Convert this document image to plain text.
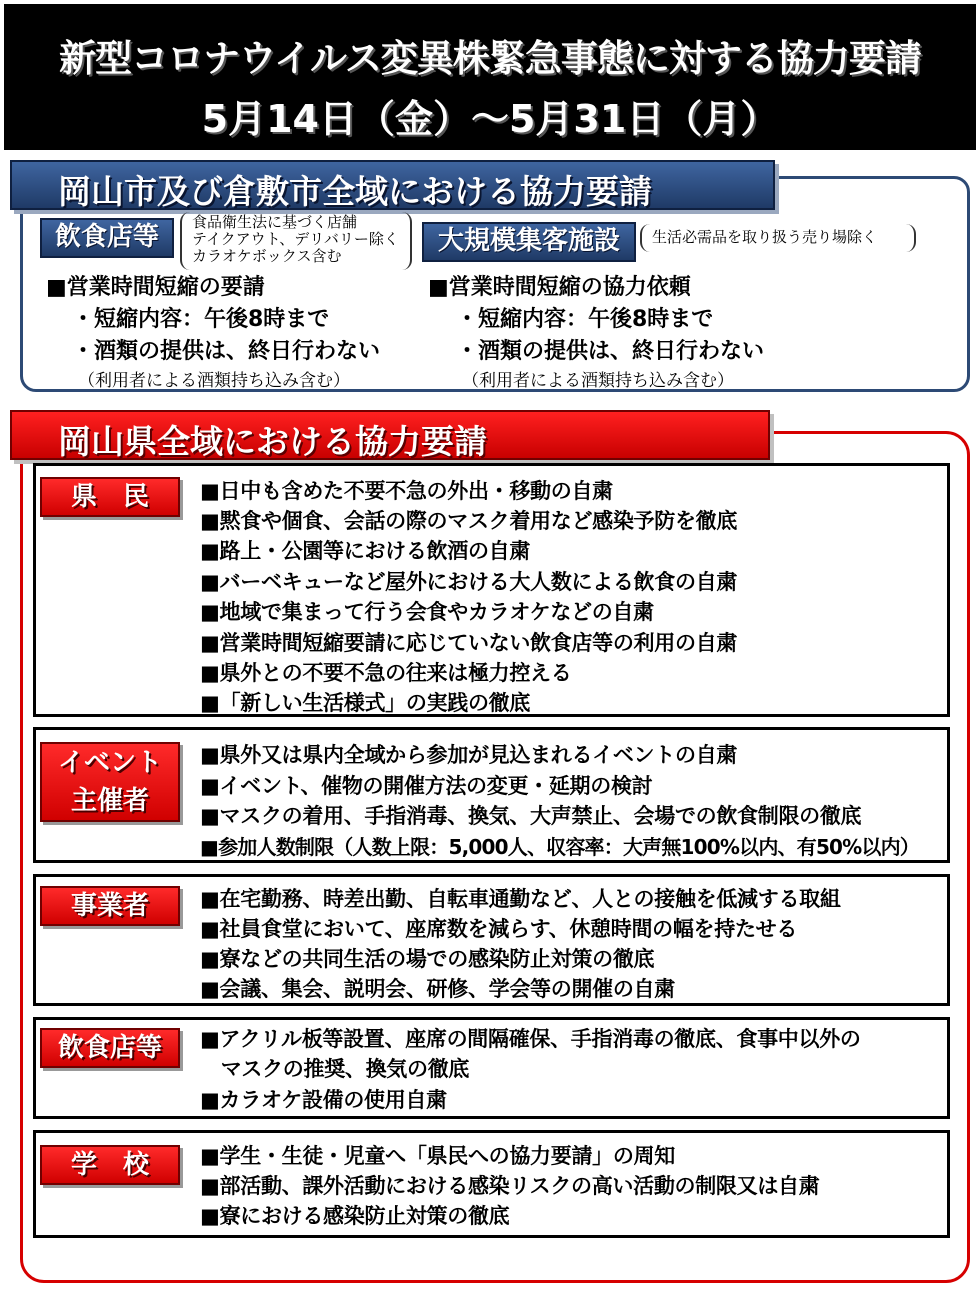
新型コロナウイルス変異株緊急事態に対する協力要請
5月14日（金）～5月31日（月）
岡山市及び倉敷市全域における協力要請
飲食店等	食品衛生法に基づく店舗
テイクアウト、デリバリー除く
カラオケボックス含む
■営業時間短縮の要請
・短縮内容：午後8時まで
・酒類の提供は、終日行わない
（利用者による酒類持ち込み含む）
大規模集客施設	生活必需品を取り扱う売り場除く
■営業時間短縮の協力依頼
・短縮内容：午後8時まで
・酒類の提供は、終日行わない
（利用者による酒類持ち込み含む）
岡山県全域における協力要請
県　民	■日中も含めた不要不急の外出・移動の自粛
■黙食や個食、会話の際のマスク着用など感染予防を徹底
■路上・公園等における飲酒の自粛
■バーベキューなど屋外における大人数による飲食の自粛
■地域で集まって行う会食やカラオケなどの自粛
■営業時間短縮要請に応じていない飲食店等の利用の自粛
■県外との不要不急の往来は極力控える
■「新しい生活様式」の実践の徹底
イベント
主催者
■県外又は県内全域から参加が見込まれるイベントの自粛
■イベント、催物の開催方法の変更・延期の検討
■マスクの着用、手指消毒、換気、大声禁止、会場での飲食制限の徹底
■参加人数制限（人数上限：5,000人、収容率：大声無100%以内、有50%以内）
事業者	■在宅勤務、時差出勤、自転車通勤など、人との接触を低減する取組
■社員食堂において、座席数を減らす、休憩時間の幅を持たせる
■寮などの共同生活の場での感染防止対策の徹底
■会議、集会、説明会、研修、学会等の開催の自粛
飲食店等	■アクリル板等設置、座席の間隔確保、手指消毒の徹底、食事中以外の
　マスクの推奨、換気の徹底
■カラオケ設備の使用自粛
学　校	■学生・生徒・児童へ「県民への協力要請」の周知
■部活動、課外活動における感染リスクの高い活動の制限又は自粛
■寮における感染防止対策の徹底
